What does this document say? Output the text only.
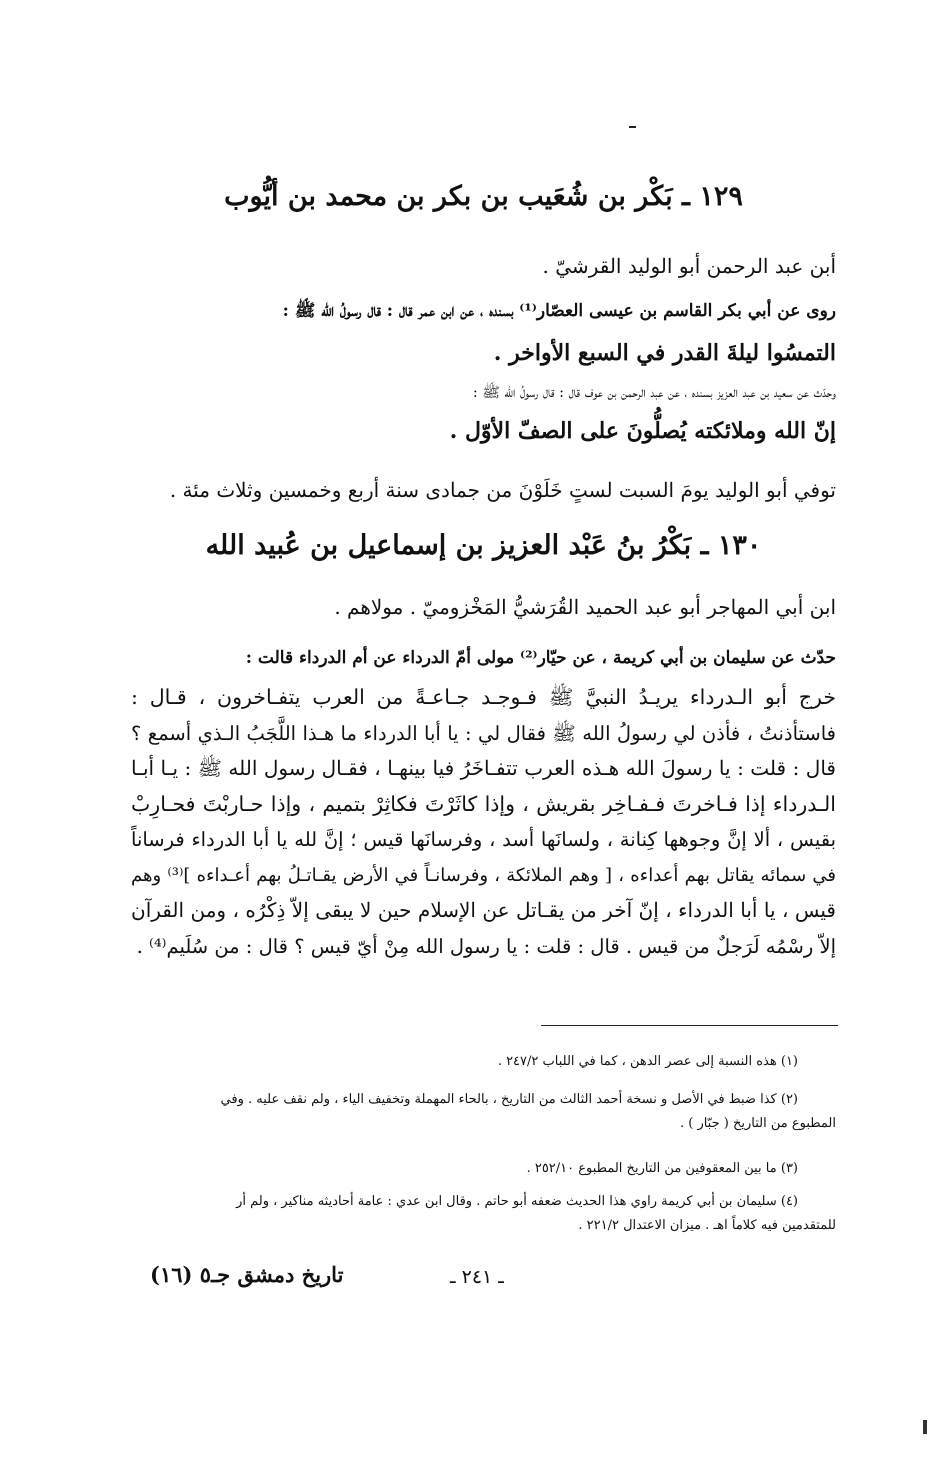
١٢٩ ـ بَكْر بن شُعَيب بن بكر بن محمد بن أيُّوب
أبن عبد الرحمن أبو الوليد القرشيّ .
روى عن أبي بكر القاسم بن عيسى العصّار⁽¹⁾ بسنده ، عن ابن عمر قال : قال رسولُ الله ﷺ :
التمسُوا ليلةَ القدر في السبع الأواخر .
وحدّث عن سعيد بن عبد العزيز بسنده ، عن عبد الرحمن بن عوف قال : قال رسولُ الله ﷺ :
إنّ الله وملائكته يُصلُّونَ على الصفّ الأوّل .
توفي أبو الوليد يومَ السبت لستٍ خَلَوْنَ من جمادى سنة أربع وخمسين وثلاث مئة .
١٣٠ ـ بَكْرُ بنُ عَبْد العزيز بن إسماعيل بن عُبيد الله
ابن أبي المهاجر أبو عبد الحميد القُرَشيُّ المَخْزوميّ . مولاهم .
حدّث عن سليمان بن أبي كريمة ، عن حيّار⁽²⁾ مولى أمّ الدرداء عن أم الدرداء قالت :
خرج أبو الـدرداء يريـدُ النبيَّ ﷺ فـوجـد جـاعـةً من العرب يتفـاخرون ، قـال :
فاستأذنتُ ، فأذن لي رسولُ الله ﷺ فقال لي : يا أبا الدرداء ما هـذا اللَّجَبُ الـذي أسمع ؟
قال : قلت : يا رسولَ الله هـذه العرب تتفـاخَرُ فيا بينهـا ، فقـال رسول الله ﷺ : يـا أبـا
الـدرداء إذا فـاخرتَ فـفـاخِر بقريش ، وإذا كاثَرْتَ فكاثِرْ بتميم ، وإذا حـاربْتَ فحـارِبْ
بقيس ، ألا إنَّ وجوهها كِنانة ، ولسانَها أسد ، وفرسانَها قيس ؛ إنَّ لله يا أبا الدرداء فرساناً
في سمائه يقاتل بهم أعداءه ، [ وهم الملائكة ، وفرسانـاً في الأرض يقـاتـلُ بهم أعـداءه ]⁽³⁾ وهم
قيس ، يا أبا الدرداء ، إنّ آخر من يقـاتل عن الإسلام حين لا يبقى إلاّ ذِكْرُه ، ومن القرآن
إلاّ رسْمُه لَرَجلٌ من قيس . قال : قلت : يا رسول الله مِنْ أيّ قيس ؟ قال : من سُلَيم⁽⁴⁾ .
(١) هذه النسبة إلى عصر الدهن ، كما في اللباب ٢٤٧/٢ .
(٢) كذا ضبط في الأصل و نسخة أحمد الثالث من التاريخ ، بالحاء المهملة وتخفيف الياء ، ولم نقف عليه . وفي
المطبوع من التاريخ ( جبّار ) .
(٣) ما بين المعقوفين من التاريخ المطبوع ٢٥٢/١٠ .
(٤) سليمان بن أبي كريمة راوي هذا الحديث ضعفه أبو حاتم . وقال ابن عدي : عامة أحاديثه مناكير ، ولم أر
للمتقدمين فيه كلاماً اهـ . ميزان الاعتدال ٢٢١/٢ .
ـ ٢٤١ ـ
تاريخ دمشق جـ٥ (١٦)
